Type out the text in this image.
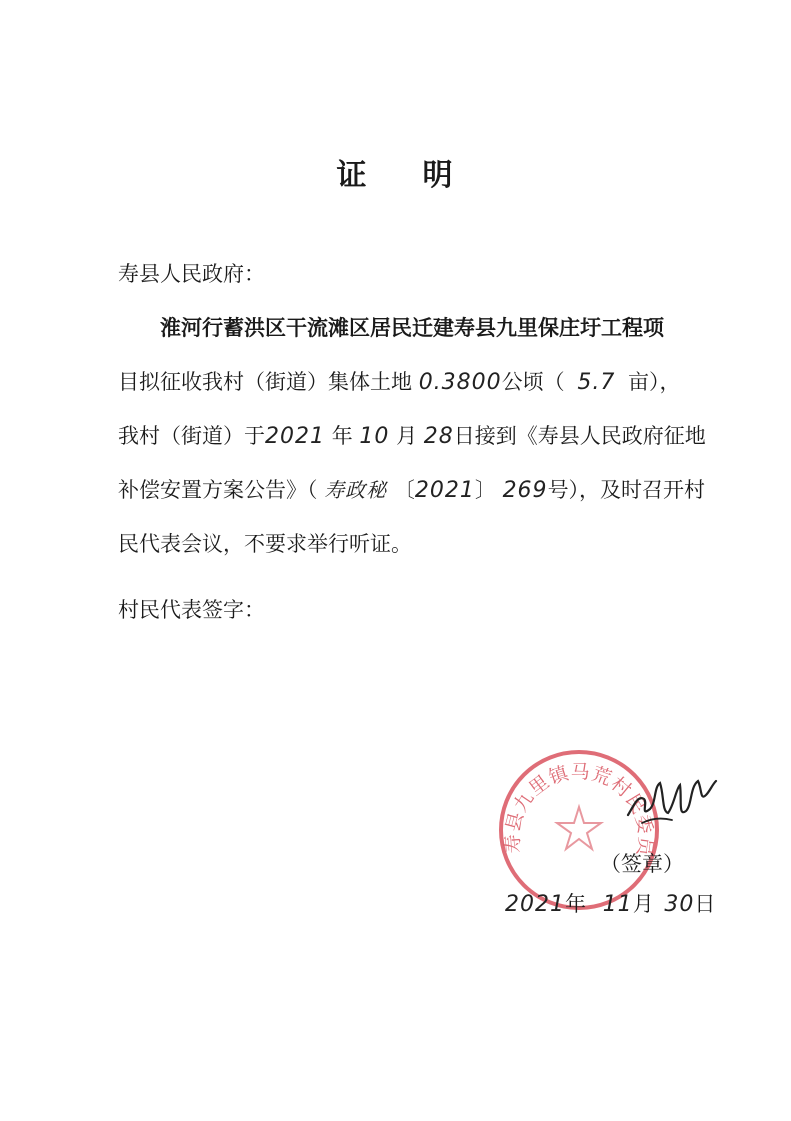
证 明
寿县人民政府：
淮河行蓄洪区干流滩区居民迁建寿县九里保庄圩工程项
目拟征收我村（街道）集体土地 0.3800公顷（ 5.7 亩），
我村（街道）于2021 年 10 月 28日接到《寿县人民政府征地
补偿安置方案公告》（ 寿政秘 〔2021〕 269号），及时召开村
民代表会议，不要求举行听证。
村民代表签字：
寿县九里镇马荒村民委员
（签章）
2021年 11月 30日
